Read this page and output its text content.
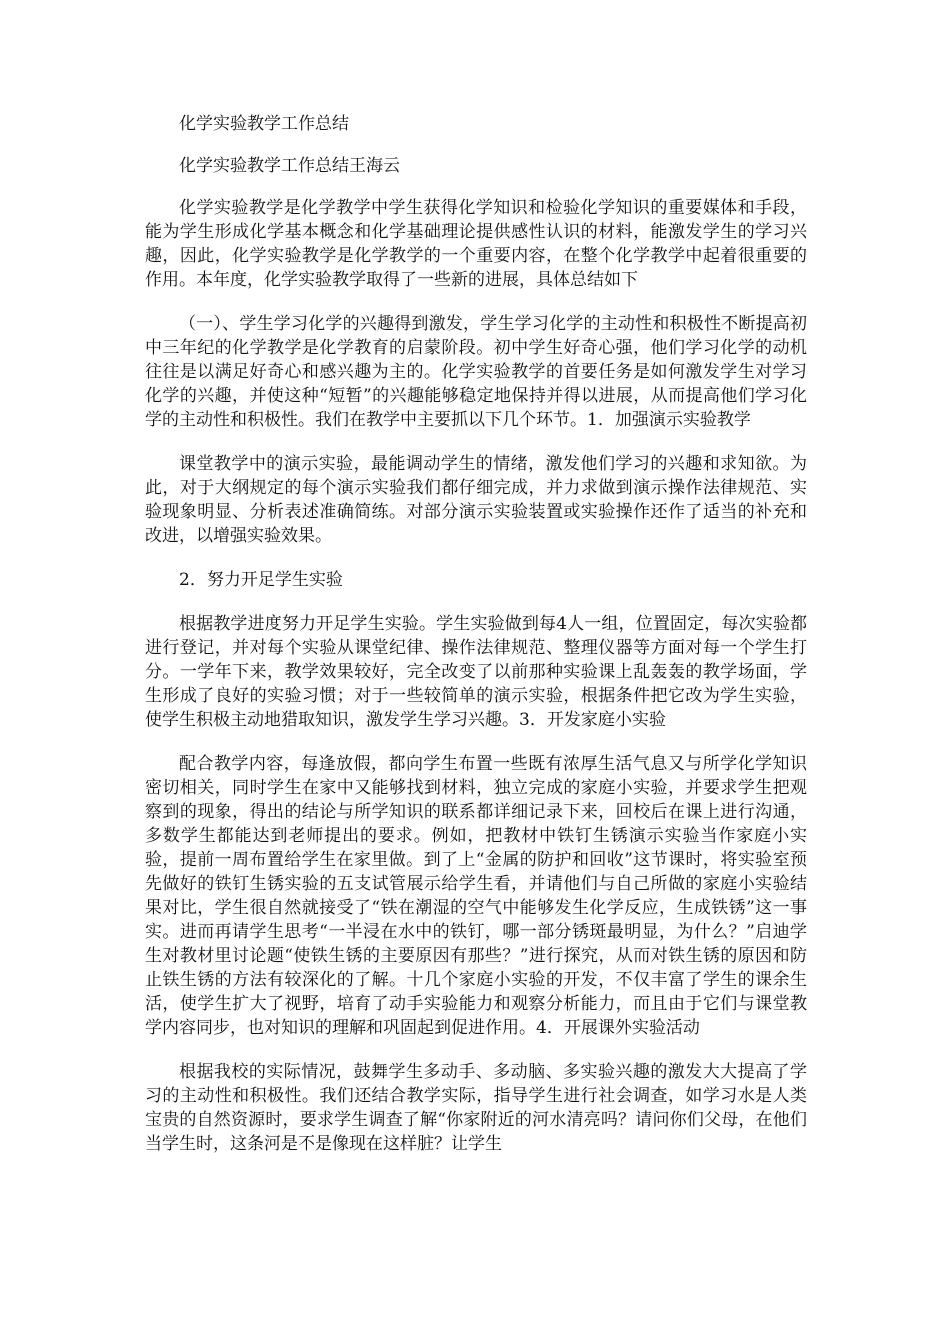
化学实验教学工作总结

化学实验教学工作总结王海云

化学实验教学是化学教学中学生获得化学知识和检验化学知识的重要媒体和手段，能为学生形成化学基本概念和化学基础理论提供感性认识的材料，能激发学生的学习兴趣，因此，化学实验教学是化学教学的一个重要内容，在整个化学教学中起着很重要的作用。本年度，化学实验教学取得了一些新的进展，具体总结如下

（一）、学生学习化学的兴趣得到激发，学生学习化学的主动性和积极性不断提高初中三年纪的化学教学是化学教育的启蒙阶段。初中学生好奇心强，他们学习化学的动机往往是以满足好奇心和感兴趣为主的。化学实验教学的首要任务是如何激发学生对学习化学的兴趣，并使这种“短暂”的兴趣能够稳定地保持并得以进展，从而提高他们学习化学的主动性和积极性。我们在教学中主要抓以下几个环节。1．加强演示实验教学

课堂教学中的演示实验，最能调动学生的情绪，激发他们学习的兴趣和求知欲。为此，对于大纲规定的每个演示实验我们都仔细完成，并力求做到演示操作法律规范、实验现象明显、分析表述准确简练。对部分演示实验装置或实验操作还作了适当的补充和改进，以增强实验效果。

2．努力开足学生实验

根据教学进度努力开足学生实验。学生实验做到每4人一组，位置固定，每次实验都进行登记，并对每个实验从课堂纪律、操作法律规范、整理仪器等方面对每一个学生打分。一学年下来，教学效果较好，完全改变了以前那种实验课上乱轰轰的教学场面，学生形成了良好的实验习惯；对于一些较简单的演示实验，根据条件把它改为学生实验，使学生积极主动地猎取知识，激发学生学习兴趣。3．开发家庭小实验

配合教学内容，每逢放假，都向学生布置一些既有浓厚生活气息又与所学化学知识密切相关，同时学生在家中又能够找到材料，独立完成的家庭小实验，并要求学生把观察到的现象，得出的结论与所学知识的联系都详细记录下来，回校后在课上进行沟通，多数学生都能达到老师提出的要求。例如，把教材中铁钉生锈演示实验当作家庭小实验，提前一周布置给学生在家里做。到了上“金属的防护和回收”这节课时，将实验室预先做好的铁钉生锈实验的五支试管展示给学生看，并请他们与自己所做的家庭小实验结果对比，学生很自然就接受了“铁在潮湿的空气中能够发生化学反应，生成铁锈”这一事实。进而再请学生思考“一半浸在水中的铁钉，哪一部分锈斑最明显，为什么？”启迪学生对教材里讨论题“使铁生锈的主要原因有那些？”进行探究，从而对铁生锈的原因和防止铁生锈的方法有较深化的了解。十几个家庭小实验的开发，不仅丰富了学生的课余生活，使学生扩大了视野，培育了动手实验能力和观察分析能力，而且由于它们与课堂教学内容同步，也对知识的理解和巩固起到促进作用。4．开展课外实验活动

根据我校的实际情况，鼓舞学生多动手、多动脑、多实验兴趣的激发大大提高了学习的主动性和积极性。我们还结合教学实际，指导学生进行社会调查，如学习水是人类宝贵的自然资源时，要求学生调查了解“你家附近的河水清亮吗？请问你们父母，在他们当学生时，这条河是不是像现在这样脏？让学生
